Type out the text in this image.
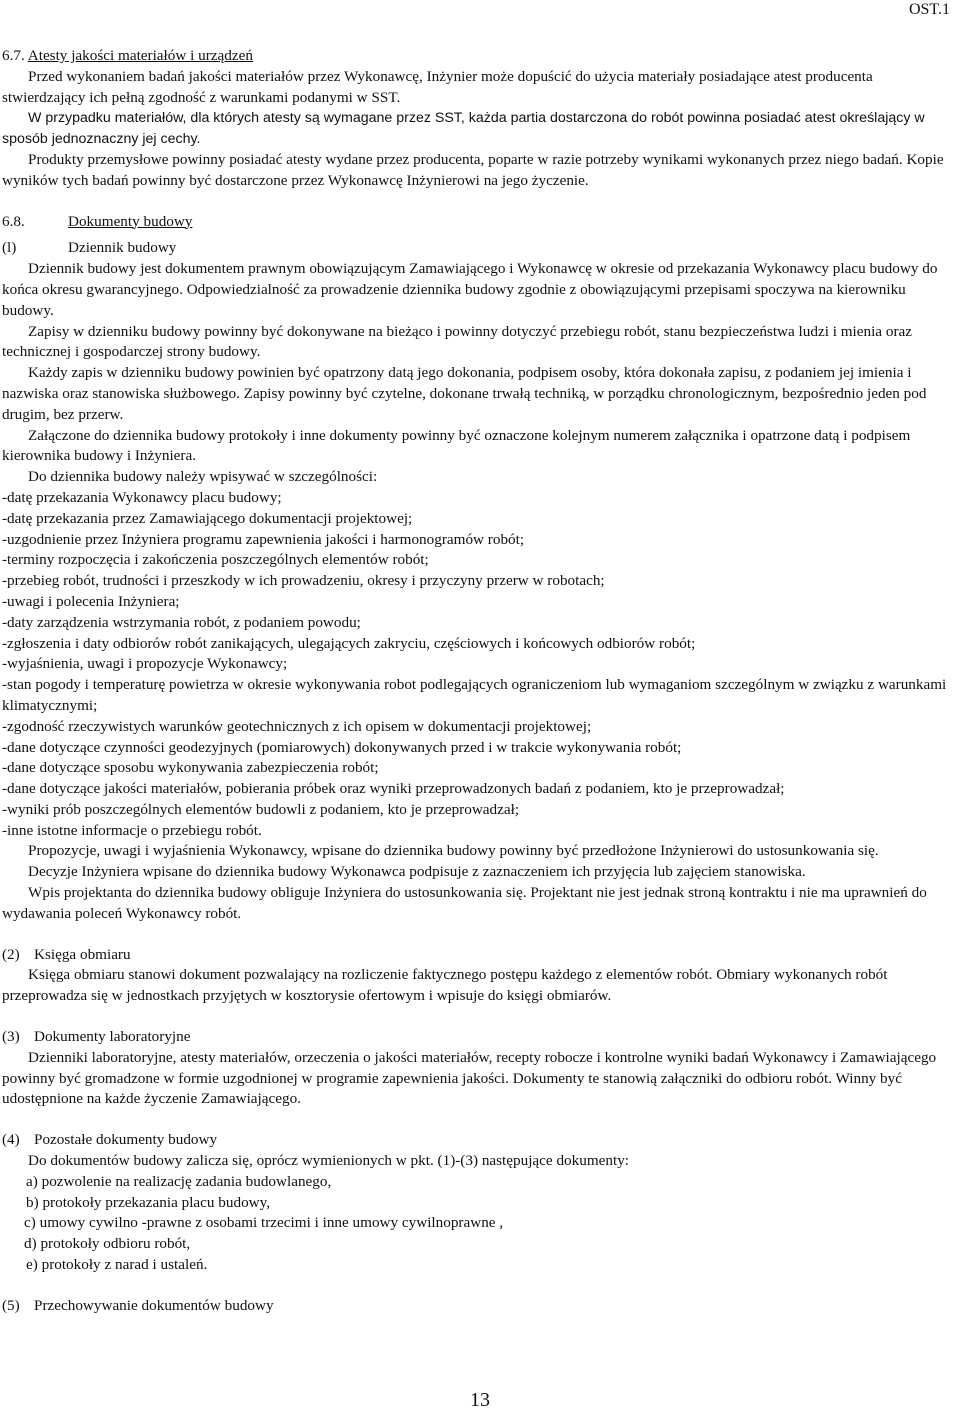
OST.1

6.7. Atesty jakości materiałów i urządzeń

Przed wykonaniem badań jakości materiałów przez Wykonawcę, Inżynier może dopuścić do użycia materiały posiadające atest producenta stwierdzający ich pełną zgodność z warunkami podanymi w SST.

W przypadku materiałów, dla których atesty są wymagane przez SST, każda partia dostarczona do robót powinna posiadać atest określający w sposób jednoznaczny jej cechy.

Produkty przemysłowe powinny posiadać atesty wydane przez producenta, poparte w razie potrzeby wynikami wykonanych przez niego badań. Kopie wyników tych badań powinny być dostarczone przez Wykonawcę Inżynierowi na jego życzenie.

6.8.	Dokumenty budowy

(l)	Dziennik budowy

Dziennik budowy jest dokumentem prawnym obowiązującym Zamawiającego i Wykonawcę w okresie od przekazania Wykonawcy placu budowy do końca okresu gwarancyjnego. Odpowiedzialność za prowadzenie dziennika budowy zgodnie z obowiązującymi przepisami spoczywa na kierowniku budowy.

Zapisy w dzienniku budowy powinny być dokonywane na bieżąco i powinny dotyczyć przebiegu robót, stanu bezpieczeństwa ludzi i mienia oraz technicznej i gospodarczej strony budowy.

Każdy zapis w dzienniku budowy powinien być opatrzony datą jego dokonania, podpisem osoby, która dokonała zapisu, z podaniem jej imienia i nazwiska oraz stanowiska służbowego. Zapisy powinny być czytelne, dokonane trwałą techniką, w porządku chronologicznym, bezpośrednio jeden pod drugim, bez przerw.

Załączone do dziennika budowy protokoły i inne dokumenty powinny być oznaczone kolejnym numerem załącznika i opatrzone datą i podpisem kierownika budowy i Inżyniera.

Do dziennika budowy należy wpisywać w szczególności:

-datę przekazania Wykonawcy placu budowy;

-datę przekazania przez Zamawiającego dokumentacji projektowej;

-uzgodnienie przez Inżyniera programu zapewnienia jakości i harmonogramów robót;

-terminy rozpoczęcia i zakończenia poszczególnych elementów robót;

-przebieg robót, trudności i przeszkody w ich prowadzeniu, okresy i przyczyny przerw w robotach;

-uwagi i polecenia Inżyniera;

-daty zarządzenia wstrzymania robót, z podaniem powodu;

-zgłoszenia i daty odbiorów robót zanikających, ulegających zakryciu, częściowych i końcowych odbiorów robót;

-wyjaśnienia, uwagi i propozycje Wykonawcy;

-stan pogody i temperaturę powietrza w okresie wykonywania robot podlegających ograniczeniom lub wymaganiom szczególnym w związku z warunkami klimatycznymi;

-zgodność rzeczywistych warunków geotechnicznych z ich opisem w dokumentacji projektowej;

-dane dotyczące czynności geodezyjnych (pomiarowych) dokonywanych przed i w trakcie wykonywania robót;

-dane dotyczące sposobu wykonywania zabezpieczenia robót;

-dane dotyczące jakości materiałów, pobierania próbek oraz wyniki przeprowadzonych badań z podaniem, kto je przeprowadzał;

-wyniki prób poszczególnych elementów budowli z podaniem, kto je przeprowadzał;

-inne istotne informacje o przebiegu robót.

Propozycje, uwagi i wyjaśnienia Wykonawcy, wpisane do dziennika budowy powinny być przedłożone Inżynierowi do ustosunkowania się.

Decyzje Inżyniera wpisane do dziennika budowy Wykonawca podpisuje z zaznaczeniem ich przyjęcia lub zajęciem stanowiska.

Wpis projektanta do dziennika budowy obliguje Inżyniera do ustosunkowania się. Projektant nie jest jednak stroną kontraktu i nie ma uprawnień do wydawania poleceń Wykonawcy robót.

(2) Księga obmiaru

Księga obmiaru stanowi dokument pozwalający na rozliczenie faktycznego postępu każdego z elementów robót. Obmiary wykonanych robót przeprowadza się w jednostkach przyjętych w kosztorysie ofertowym i wpisuje do księgi obmiarów.

(3) Dokumenty laboratoryjne

Dzienniki laboratoryjne, atesty materiałów, orzeczenia o jakości materiałów, recepty robocze i kontrolne wyniki badań Wykonawcy i Zamawiającego powinny być gromadzone w formie uzgodnionej w programie zapewnienia jakości. Dokumenty te stanowią załączniki do odbioru robót. Winny być udostępnione na każde życzenie Zamawiającego.

(4) Pozostałe dokumenty budowy

Do dokumentów budowy zalicza się, oprócz wymienionych w pkt. (1)-(3) następujące dokumenty:

a) pozwolenie na realizację zadania budowlanego,

b) protokoły przekazania placu budowy,

c) umowy cywilno -prawne z osobami trzecimi i inne umowy cywilnoprawne ,

d) protokoły odbioru robót,

e) protokoły z narad i ustaleń.

(5) Przechowywanie dokumentów budowy

13
